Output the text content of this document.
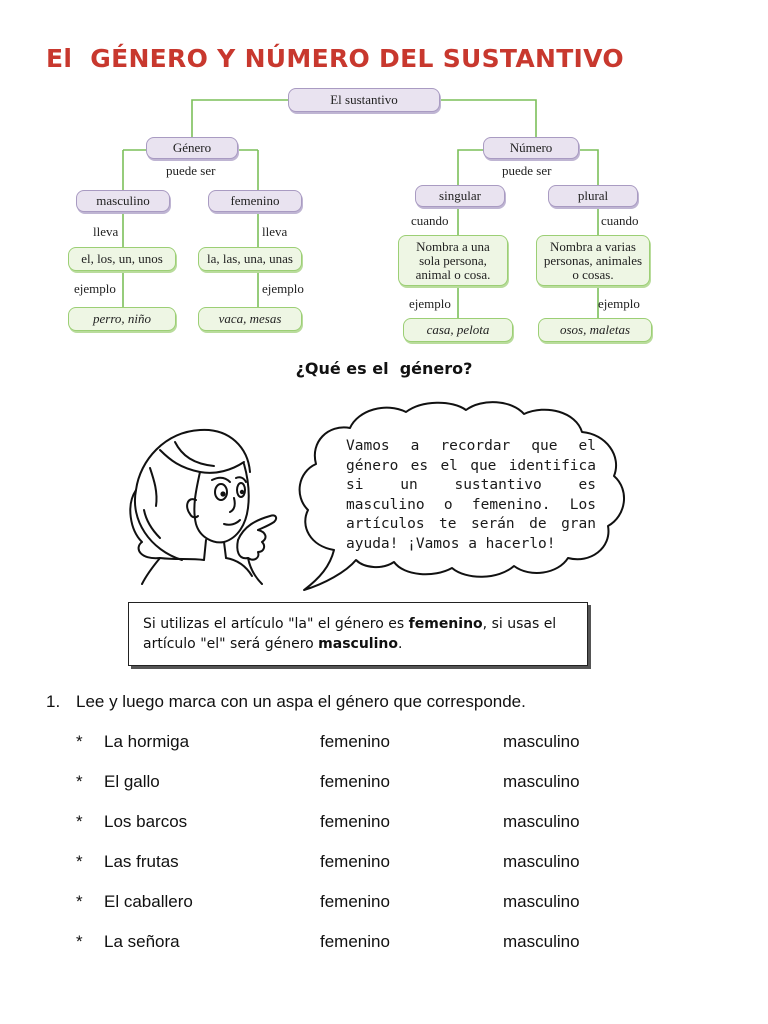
El  GÉNERO Y NÚMERO DEL SUSTANTIVO
El sustantivo
Género	Número
puede ser	puede ser
masculino	femenino	singular	plural
lleva	lleva
cuando	cuando
el, los, un, unos	la, las, una, unas
Nombra a una sola persona, animal o cosa.
Nombra a varias personas, animales o cosas.
ejemplo	ejemplo
ejemplo	ejemplo
perro, niño	vaca, mesas
casa, pelota	osos, maletas
¿Qué es el  género?

Vamos a recordar que el género es el que identifica si un sustantivo es masculino o femenino. Los artículos te serán de gran ayuda! ¡Vamos a hacerlo!

Si utilizas el artículo "la" el género es femenino, si usas el artículo "el" será género masculino.

1. Lee y luego marca con un aspa el género que corresponde.

* La hormiga	femenino	masculino
* El gallo	femenino	masculino
* Los barcos	femenino	masculino
* Las frutas	femenino	masculino
* El caballero	femenino	masculino
* La señora	femenino	masculino
